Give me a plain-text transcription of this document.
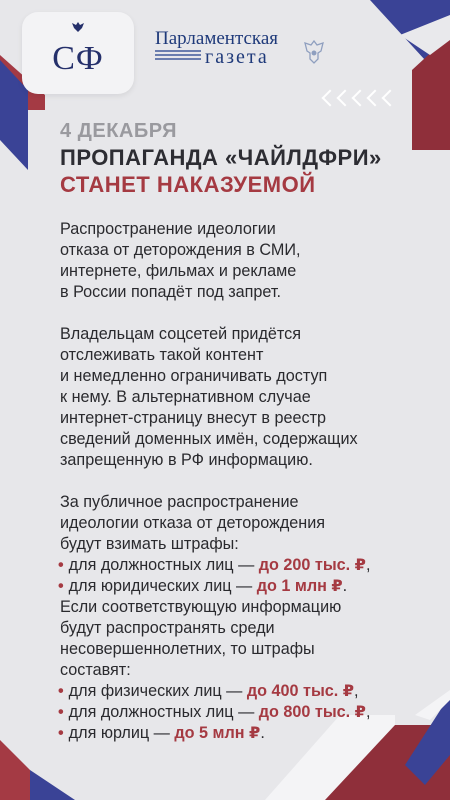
СФ
Парламентская
газета
4 ДЕКАБРЯ
ПРОПАГАНДА «ЧАЙЛДФРИ»
СТАНЕТ НАКАЗУЕМОЙ
Распространение идеологии
отказа от деторождения в СМИ,
интернете, фильмах и рекламе
в России попадёт под запрет.
Владельцам соцсетей придётся
отслеживать такой контент
и немедленно ограничивать доступ
к нему. В альтернативном случае
интернет-страницу внесут в реестр
сведений доменных имён, содержащих
запрещенную в РФ информацию.
За публичное распространение
идеологии отказа от деторождения
будут взимать штрафы:
• для должностных лиц — до 200 тыс. ₽,
• для юридических лиц — до 1 млн ₽.
Если соответствующую информацию
будут распространять среди
несовершеннолетних, то штрафы
составят:
• для физических лиц — до 400 тыс. ₽,
• для должностных лиц — до 800 тыс. ₽,
• для юрлиц — до 5 млн ₽.
